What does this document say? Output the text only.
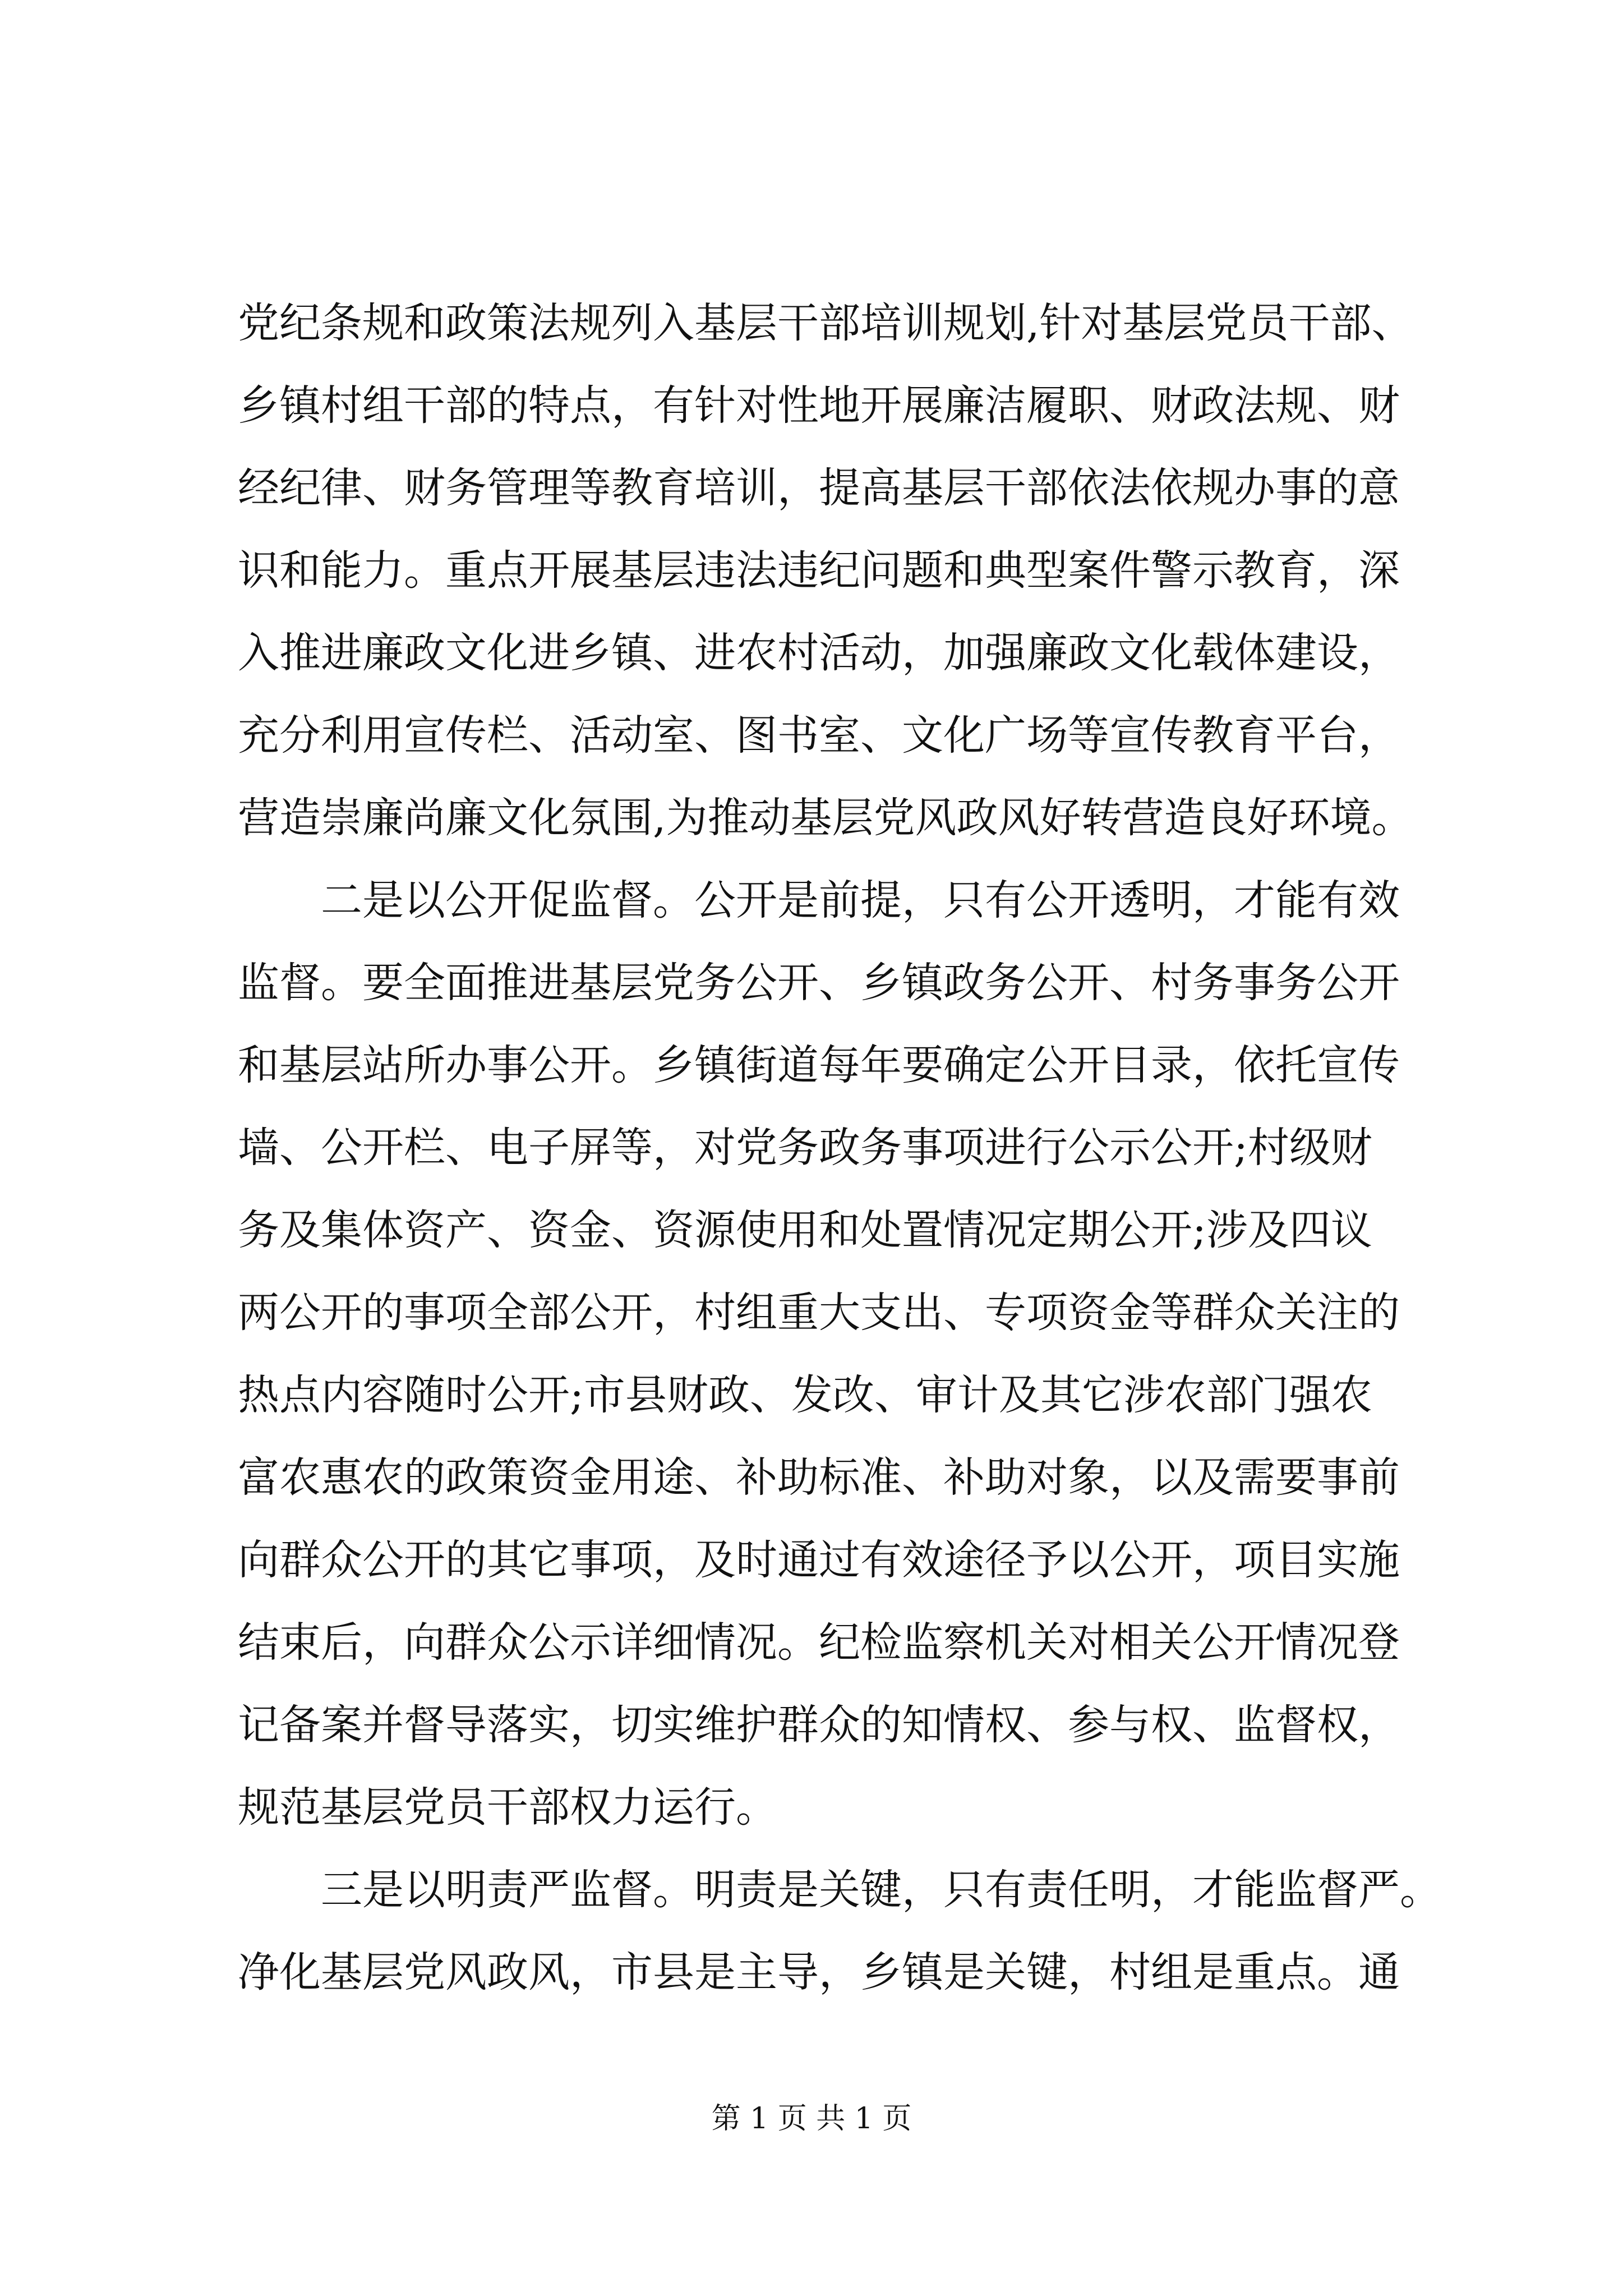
党纪条规和政策法规列入基层干部培训规划,针对基层党员干部、
乡镇村组干部的特点，有针对性地开展廉洁履职、财政法规、财
经纪律、财务管理等教育培训，提高基层干部依法依规办事的意
识和能力。重点开展基层违法违纪问题和典型案件警示教育，深
入推进廉政文化进乡镇、进农村活动，加强廉政文化载体建设，
充分利用宣传栏、活动室、图书室、文化广场等宣传教育平台，
营造崇廉尚廉文化氛围,为推动基层党风政风好转营造良好环境。
二是以公开促监督。公开是前提，只有公开透明，才能有效
监督。要全面推进基层党务公开、乡镇政务公开、村务事务公开
和基层站所办事公开。乡镇街道每年要确定公开目录，依托宣传
墙、公开栏、电子屏等，对党务政务事项进行公示公开;村级财
务及集体资产、资金、资源使用和处置情况定期公开;涉及四议
两公开的事项全部公开，村组重大支出、专项资金等群众关注的
热点内容随时公开;市县财政、发改、审计及其它涉农部门强农
富农惠农的政策资金用途、补助标准、补助对象，以及需要事前
向群众公开的其它事项，及时通过有效途径予以公开，项目实施
结束后，向群众公示详细情况。纪检监察机关对相关公开情况登
记备案并督导落实，切实维护群众的知情权、参与权、监督权，
规范基层党员干部权力运行。
三是以明责严监督。明责是关键，只有责任明，才能监督严。
净化基层党风政风，市县是主导，乡镇是关键，村组是重点。通
第 1 页 共 1 页
